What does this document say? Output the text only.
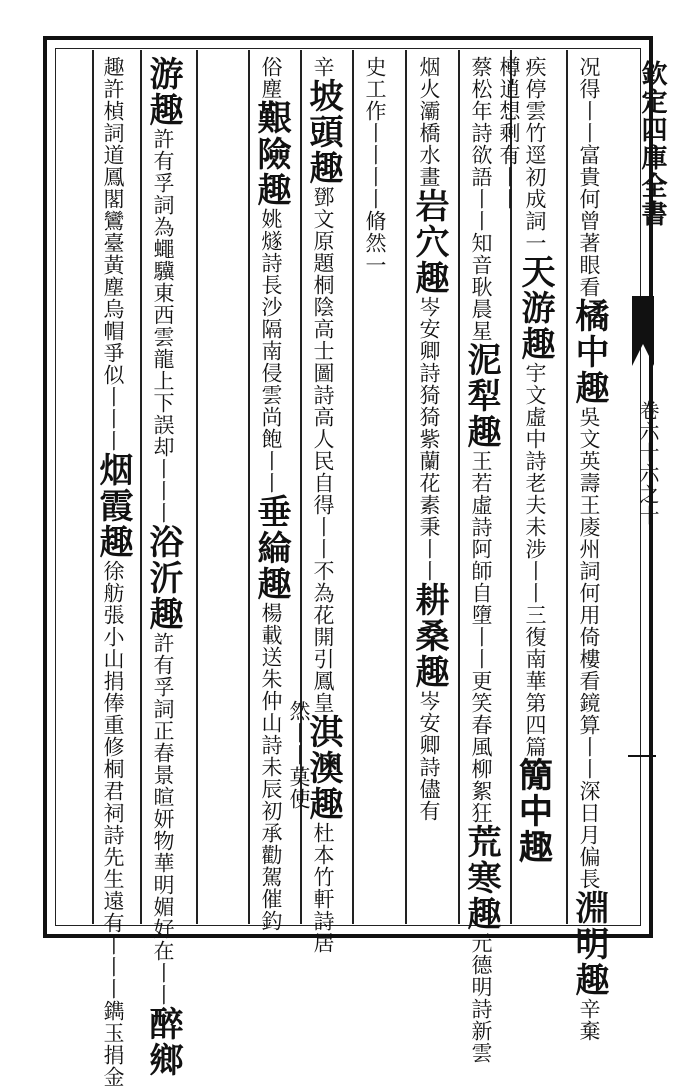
欽定四庫全書
卷六十六之十
况得丨丨富貴何曾著眼看橘中趣吳文英壽王庱州詞何用倚樓看鏡算丨丨深日月偏長淵明趣辛棄
疾停雲竹逕初成詞一天游趣宇文虛中詩老夫未涉丨丨三復南華第四篇𥳑中趣
樽逍想剩有丨丨
蔡松年詩欲語丨丨知音耿晨星泥犁趣王若虛詩阿師自墮丨丨更笑春風柳絮狂荒寒趣元德明詩新雲
烟火灞橋水畫岩穴趣岑安卿詩猗猗紫蘭花素秉丨丨耕桑趣岑安卿詩儘有
史工作丨丨丨丨脩然一
辛坡頭趣鄧文原題桐陰高士圖詩高人民自得丨丨不為花開引鳳皇淇澳趣杜本竹軒詩居
然丨丨莫使
俗塵艱險趣姚燧詩長沙隔南侵雲尚飽丨丨垂綸趣楊載送朱仲山詩未辰初承勸駕催釣
游趣許有孚詞為蠅驥東西雲龍上下誤却丨丨丨浴沂趣許有孚詞正春景暄妍物華明媚好在丨丨醉鄉
趣許楨詞道鳳閣鸞臺黃塵烏帽爭似丨丨丨烟霞趣徐舫張小山捐俸重修桐君祠詩先生遠有丨丨丨鐫玉捐金
